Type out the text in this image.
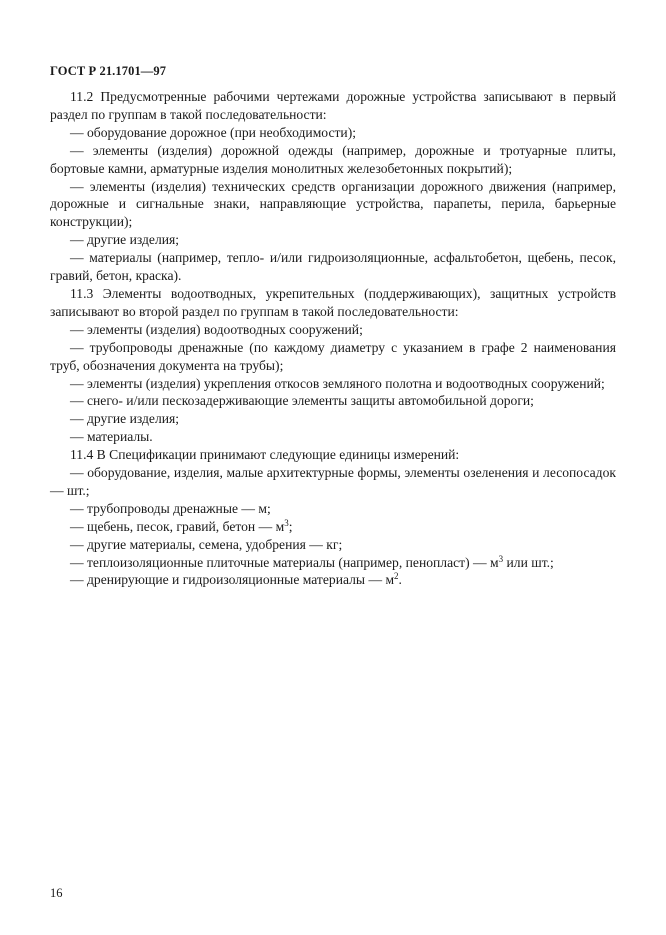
ГОСТ Р 21.1701—97

11.2 Предусмотренные рабочими чертежами дорожные устройства записывают в первый раздел по группам в такой последовательности:

— оборудование дорожное (при необходимости);

— элементы (изделия) дорожной одежды (например, дорожные и тротуарные плиты, бортовые камни, арматурные изделия монолитных железобетонных покрытий);

— элементы (изделия) технических средств организации дорожного движения (например, дорожные и сигнальные знаки, направляющие устройства, парапеты, перила, барьерные конструкции);

— другие изделия;

— материалы (например, тепло- и/или гидроизоляционные, асфальтобетон, щебень, песок, гравий, бетон, краска).

11.3 Элементы водоотводных, укрепительных (поддерживающих), защитных устройств записывают во второй раздел по группам в такой последовательности:

— элементы (изделия) водоотводных сооружений;

— трубопроводы дренажные (по каждому диаметру с указанием в графе 2 наименования труб, обозначения документа на трубы);

— элементы (изделия) укрепления откосов земляного полотна и водоотводных сооружений;

— снего- и/или пескозадерживающие элементы защиты автомобильной дороги;

— другие изделия;

— материалы.

11.4 В Спецификации принимают следующие единицы измерений:

— оборудование, изделия, малые архитектурные формы, элементы озеленения и лесопосадок — шт.;

— трубопроводы дренажные — м;

— щебень, песок, гравий, бетон — $м^3$;

— другие материалы, семена, удобрения — кг;

— теплоизоляционные плиточные материалы (например, пенопласт) — $м^3$ или шт.;

— дренирующие и гидроизоляционные материалы — $м^2$.

16
